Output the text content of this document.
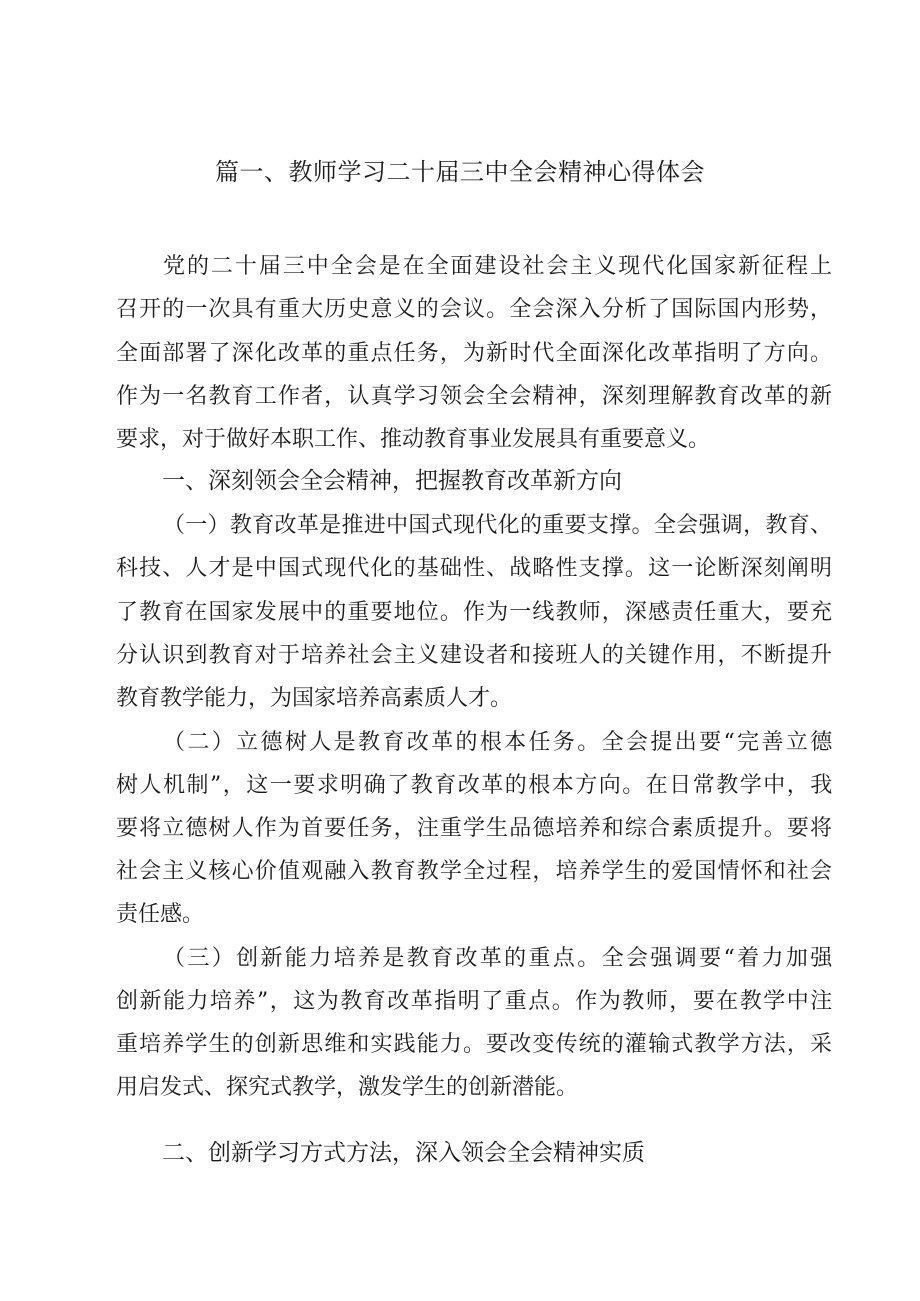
篇一、教师学习二十届三中全会精神心得体会
党的二十届三中全会是在全面建设社会主义现代化国家新征程上
召开的一次具有重大历史意义的会议。全会深入分析了国际国内形势，
全面部署了深化改革的重点任务，为新时代全面深化改革指明了方向。
作为一名教育工作者，认真学习领会全会精神，深刻理解教育改革的新
要求，对于做好本职工作、推动教育事业发展具有重要意义。
一、深刻领会全会精神，把握教育改革新方向
（一）教育改革是推进中国式现代化的重要支撑。全会强调，教育、
科技、人才是中国式现代化的基础性、战略性支撑。这一论断深刻阐明
了教育在国家发展中的重要地位。作为一线教师，深感责任重大，要充
分认识到教育对于培养社会主义建设者和接班人的关键作用，不断提升
教育教学能力，为国家培养高素质人才。
（二）立德树人是教育改革的根本任务。全会提出要“完善立德
树人机制”，这一要求明确了教育改革的根本方向。在日常教学中，我
要将立德树人作为首要任务，注重学生品德培养和综合素质提升。要将
社会主义核心价值观融入教育教学全过程，培养学生的爱国情怀和社会
责任感。
（三）创新能力培养是教育改革的重点。全会强调要“着力加强
创新能力培养”，这为教育改革指明了重点。作为教师，要在教学中注
重培养学生的创新思维和实践能力。要改变传统的灌输式教学方法，采
用启发式、探究式教学，激发学生的创新潜能。
二、创新学习方式方法，深入领会全会精神实质
